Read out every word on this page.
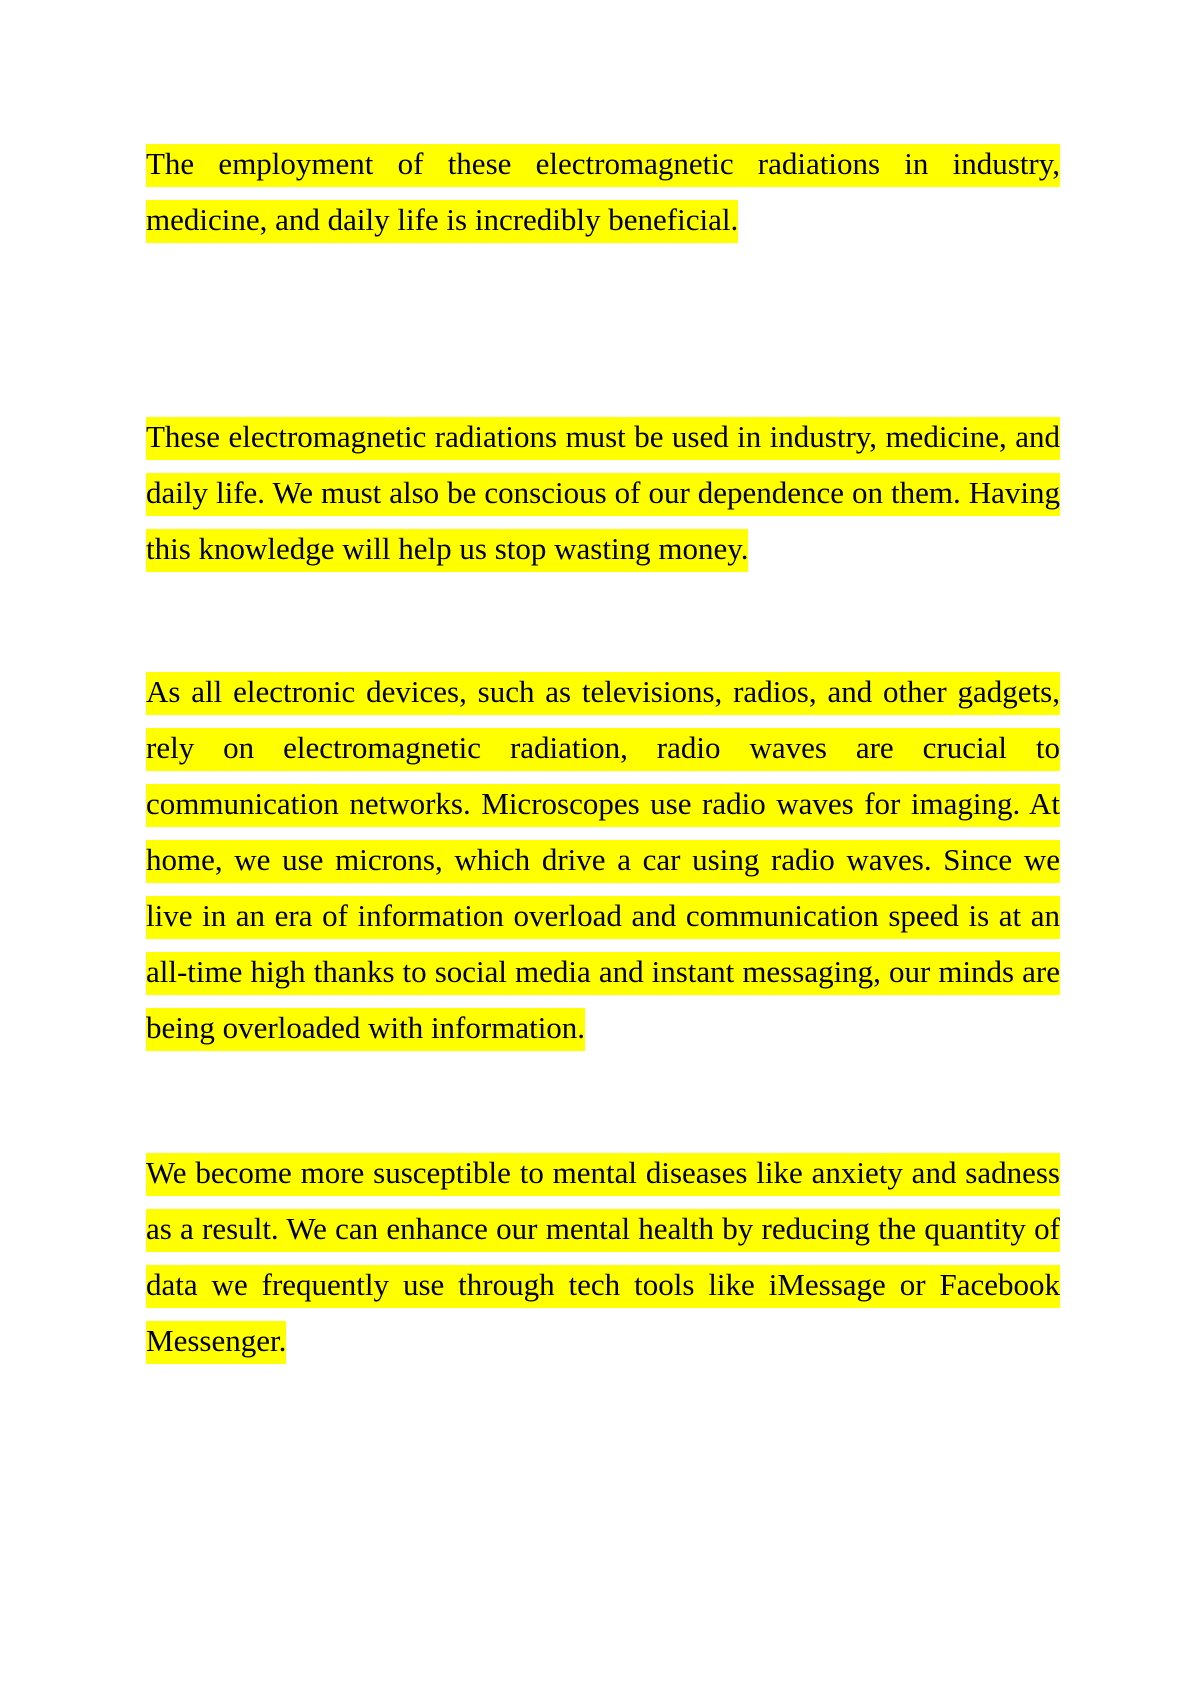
The employment of these electromagnetic radiations in industry, medicine, and daily life is incredibly beneficial.

These electromagnetic radiations must be used in industry, medicine, and daily life. We must also be conscious of our dependence on them. Having this knowledge will help us stop wasting money.

As all electronic devices, such as televisions, radios, and other gadgets, rely on electromagnetic radiation, radio waves are crucial to communication networks. Microscopes use radio waves for imaging. At home, we use microns, which drive a car using radio waves. Since we live in an era of information overload and communication speed is at an all-time high thanks to social media and instant messaging, our minds are being overloaded with information.

We become more susceptible to mental diseases like anxiety and sadness as a result. We can enhance our mental health by reducing the quantity of data we frequently use through tech tools like iMessage or Facebook Messenger.
